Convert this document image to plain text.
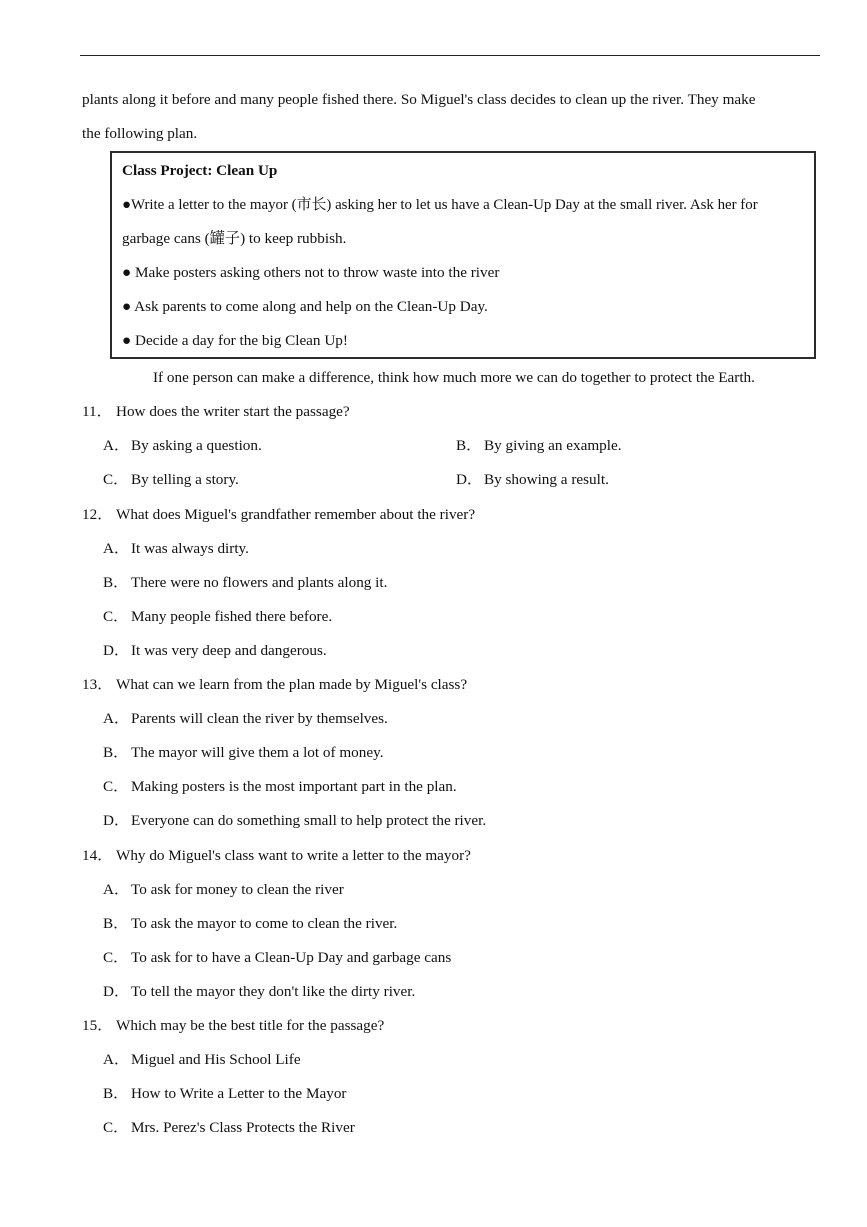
plants along it before and many people fished there. So Miguel's class decides to clean up the river. They make
the following plan.
Class Project: Clean Up
●Write a letter to the mayor (市长) asking her to let us have a Clean-Up Day at the small river. Ask her for
garbage cans (罐子) to keep rubbish.
● Make posters asking others not to throw waste into the river
● Ask parents to come along and help on the Clean-Up Day.
● Decide a day for the big Clean Up!
If one person can make a difference, think how much more we can do together to protect the Earth.
11． How does the writer start the passage?
A． By asking a question.	B． By giving an example.
C． By telling a story.	D． By showing a result.
12． What does Miguel's grandfather remember about the river?
A． It was always dirty.
B． There were no flowers and plants along it.
C． Many people fished there before.
D． It was very deep and dangerous.
13． What can we learn from the plan made by Miguel's class?
A． Parents will clean the river by themselves.
B． The mayor will give them a lot of money.
C． Making posters is the most important part in the plan.
D． Everyone can do something small to help protect the river.
14． Why do Miguel's class want to write a letter to the mayor?
A． To ask for money to clean the river
B． To ask the mayor to come to clean the river.
C． To ask for to have a Clean-Up Day and garbage cans
D． To tell the mayor they don't like the dirty river.
15． Which may be the best title for the passage?
A． Miguel and His School Life
B． How to Write a Letter to the Mayor
C． Mrs. Perez's Class Protects the River
